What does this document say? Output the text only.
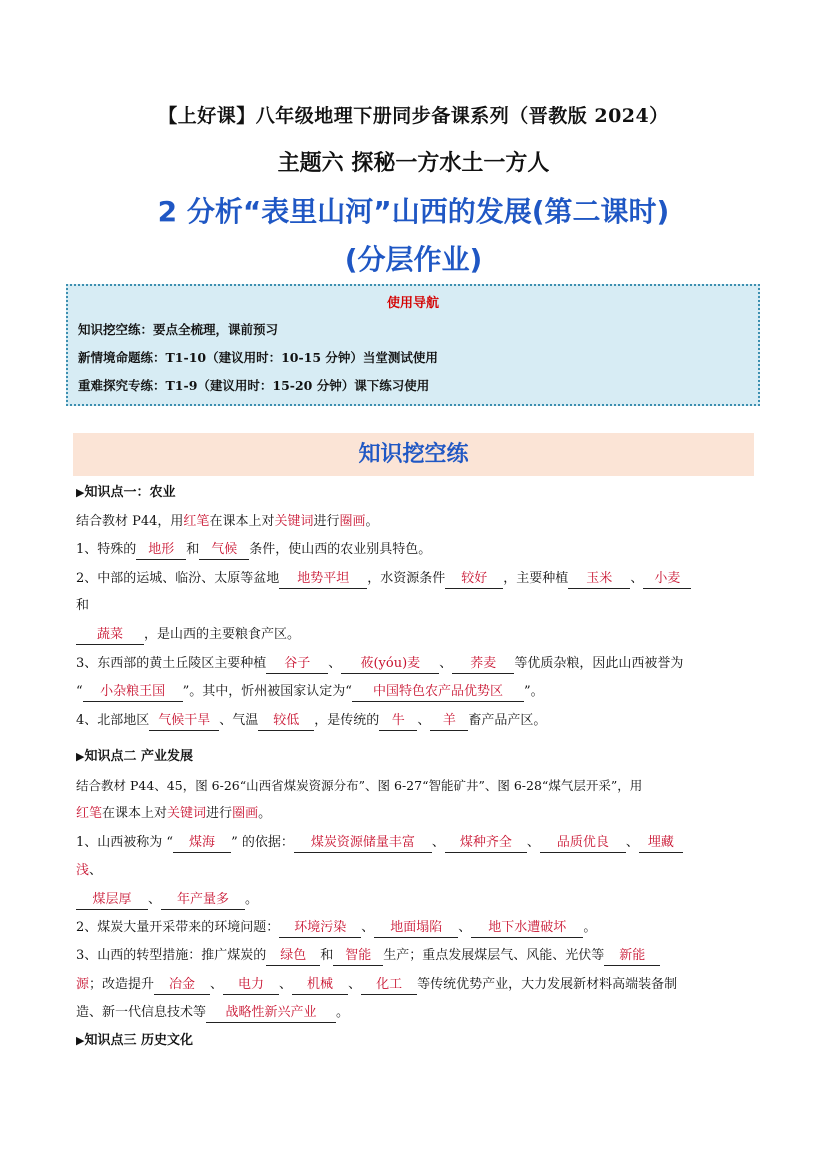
【上好课】八年级地理下册同步备课系列（晋教版 2024）
主题六 探秘一方水土一方人
2 分析“表里山河”山西的发展(第二课时)
(分层作业)
使用导航
知识挖空练：要点全梳理，课前预习
新情境命题练：T1-10（建议用时：10-15 分钟）当堂测试使用
重难探究专练：T1-9（建议用时：15-20 分钟）课下练习使用
知识挖空练
▶知识点一：农业
结合教材 P44，用红笔在课本上对关键词进行圈画。
1、特殊的 地形 和 气候 条件，使山西的农业别具特色。
2、中部的运城、临汾、太原等盆地 地势平坦 ，水资源条件 较好 ，主要种植 玉米 、 小麦
和
蔬菜 ，是山西的主要粮食产区。
3、东西部的黄土丘陵区主要种植 谷子 、 莜(yóu)麦 、 荞麦 等优质杂粮，因此山西被誉为
“ 小杂粮王国 ”。其中，忻州被国家认定为“ 中国特色农产品优势区 ”。
4、北部地区 气候干旱 、气温 较低 ，是传统的 牛 、 羊 畜产品产区。
▶知识点二 产业发展
结合教材 P44、45，图 6-26“山西省煤炭资源分布”、图 6-27“智能矿井”、图 6-28“煤气层开采”，用
红笔在课本上对关键词进行圈画。
1、山西被称为 “ 煤海 ” 的依据： 煤炭资源储量丰富 、 煤种齐全 、 品质优良 、 埋藏
浅、
煤层厚 、 年产量多 。
2、煤炭大量开采带来的环境问题： 环境污染 、 地面塌陷 、 地下水遭破坏 。
3、山西的转型措施：推广煤炭的 绿色 和 智能 生产；重点发展煤层气、风能、光伏等 新能
源；改造提升 冶金 、 电力 、 机械 、 化工 等传统优势产业，大力发展新材料高端装备制
造、新一代信息技术等 战略性新兴产业 。
▶知识点三 历史文化
